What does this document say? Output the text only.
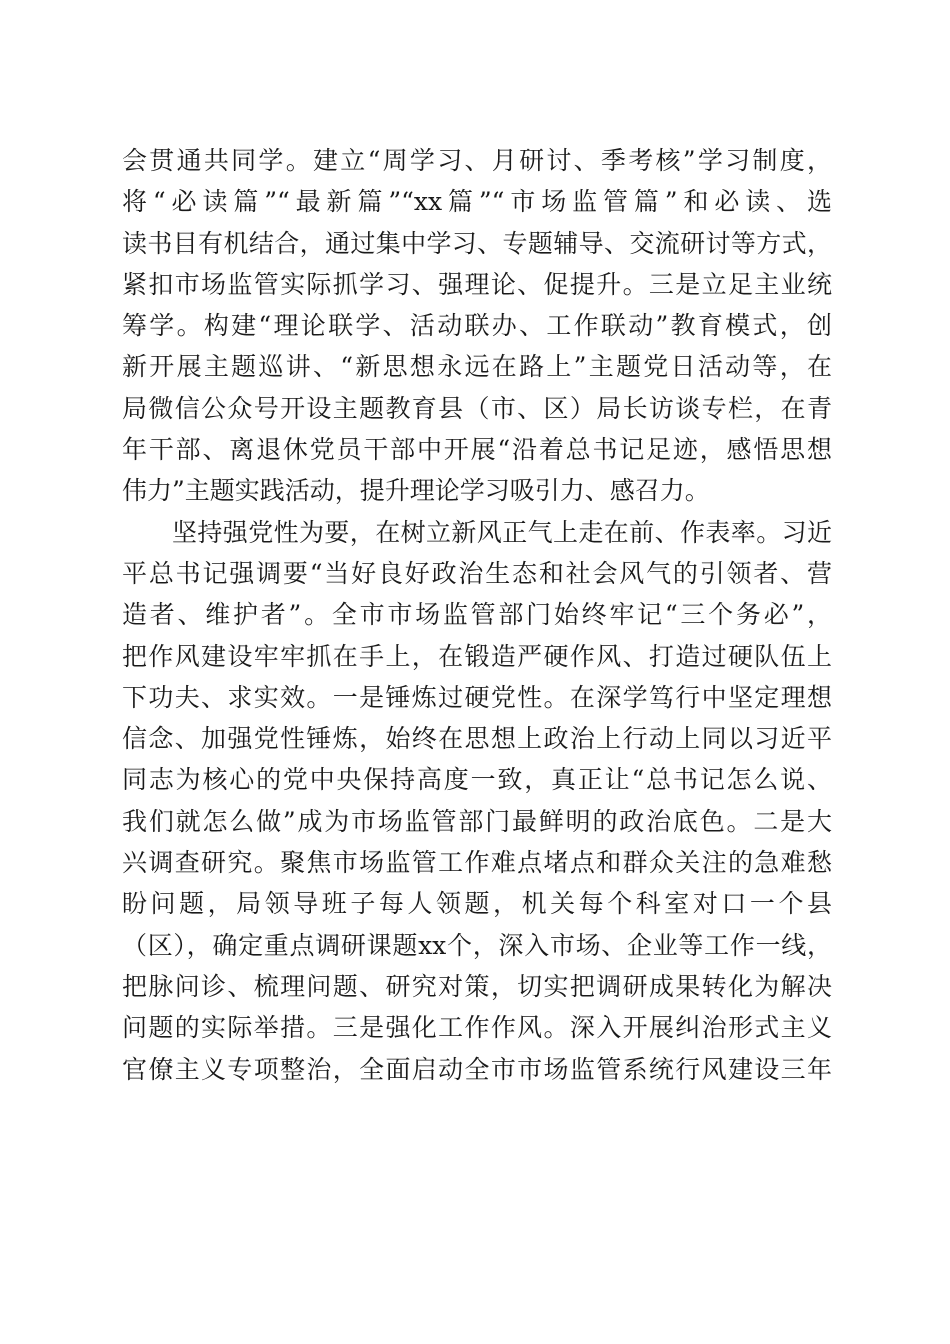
会贯通共同学。建立“周学习、月研讨、季考核”学习制度，
将“必读篇”“最新篇”“xx篇”“市场监管篇”和必读、选
读书目有机结合，通过集中学习、专题辅导、交流研讨等方式，
紧扣市场监管实际抓学习、强理论、促提升。三是立足主业统
筹学。构建“理论联学、活动联办、工作联动”教育模式，创
新开展主题巡讲、“新思想永远在路上”主题党日活动等，在
局微信公众号开设主题教育县（市、区）局长访谈专栏，在青
年干部、离退休党员干部中开展“沿着总书记足迹，感悟思想
伟力”主题实践活动，提升理论学习吸引力、感召力。
坚持强党性为要，在树立新风正气上走在前、作表率。习近
平总书记强调要“当好良好政治生态和社会风气的引领者、营
造者、维护者”。全市市场监管部门始终牢记“三个务必”，
把作风建设牢牢抓在手上，在锻造严硬作风、打造过硬队伍上
下功夫、求实效。一是锤炼过硬党性。在深学笃行中坚定理想
信念、加强党性锤炼，始终在思想上政治上行动上同以习近平
同志为核心的党中央保持高度一致，真正让“总书记怎么说、
我们就怎么做”成为市场监管部门最鲜明的政治底色。二是大
兴调查研究。聚焦市场监管工作难点堵点和群众关注的急难愁
盼问题，局领导班子每人领题，机关每个科室对口一个县
（区），确定重点调研课题xx个，深入市场、企业等工作一线，
把脉问诊、梳理问题、研究对策，切实把调研成果转化为解决
问题的实际举措。三是强化工作作风。深入开展纠治形式主义
官僚主义专项整治，全面启动全市市场监管系统行风建设三年
